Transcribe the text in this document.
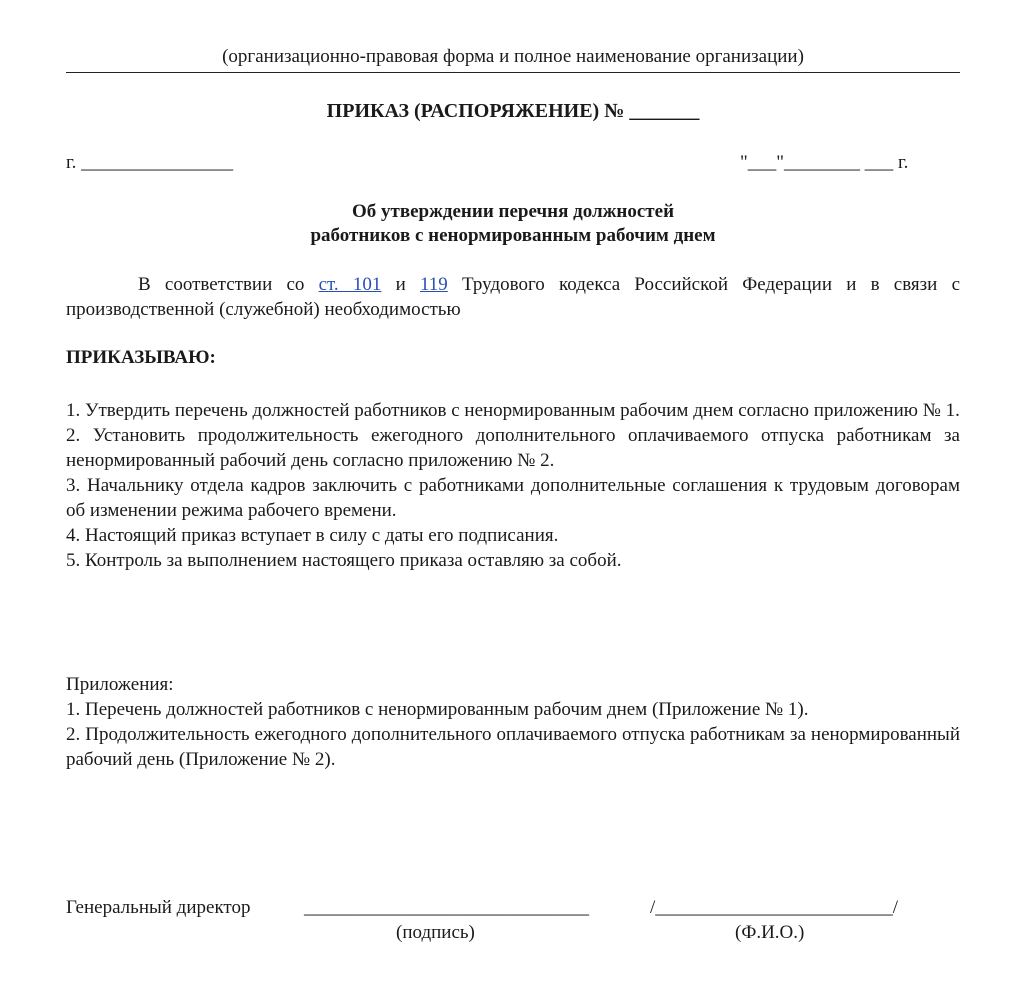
(организационно-правовая форма и полное наименование организации)
ПРИКАЗ (РАСПОРЯЖЕНИЕ) № _______
г. ________________	"___"________ ___ г.
Об утверждении перечня должностей
работников с ненормированным рабочим днем
В соответствии со ст. 101 и 119 Трудового кодекса Российской Федерации и в связи с производственной (служебной) необходимостью
ПРИКАЗЫВАЮ:

1. Утвердить перечень должностей работников с ненормированным рабочим днем согласно приложению № 1.

2. Установить продолжительность ежегодного дополнительного оплачиваемого отпуска работникам за ненормированный рабочий день согласно приложению № 2.

3. Начальнику отдела кадров заключить с работниками дополнительные соглашения к трудовым договорам об изменении режима рабочего времени.

4. Настоящий приказ вступает в силу с даты его подписания.

5. Контроль за выполнением настоящего приказа оставляю за собой.

Приложения:

1. Перечень должностей работников с ненормированным рабочим днем (Приложение № 1).

2. Продолжительность ежегодного дополнительного оплачиваемого отпуска работникам за ненормированный рабочий день (Приложение № 2).

Генеральный директор	______________________________	/_________________________/
(подпись)	(Ф.И.О.)
